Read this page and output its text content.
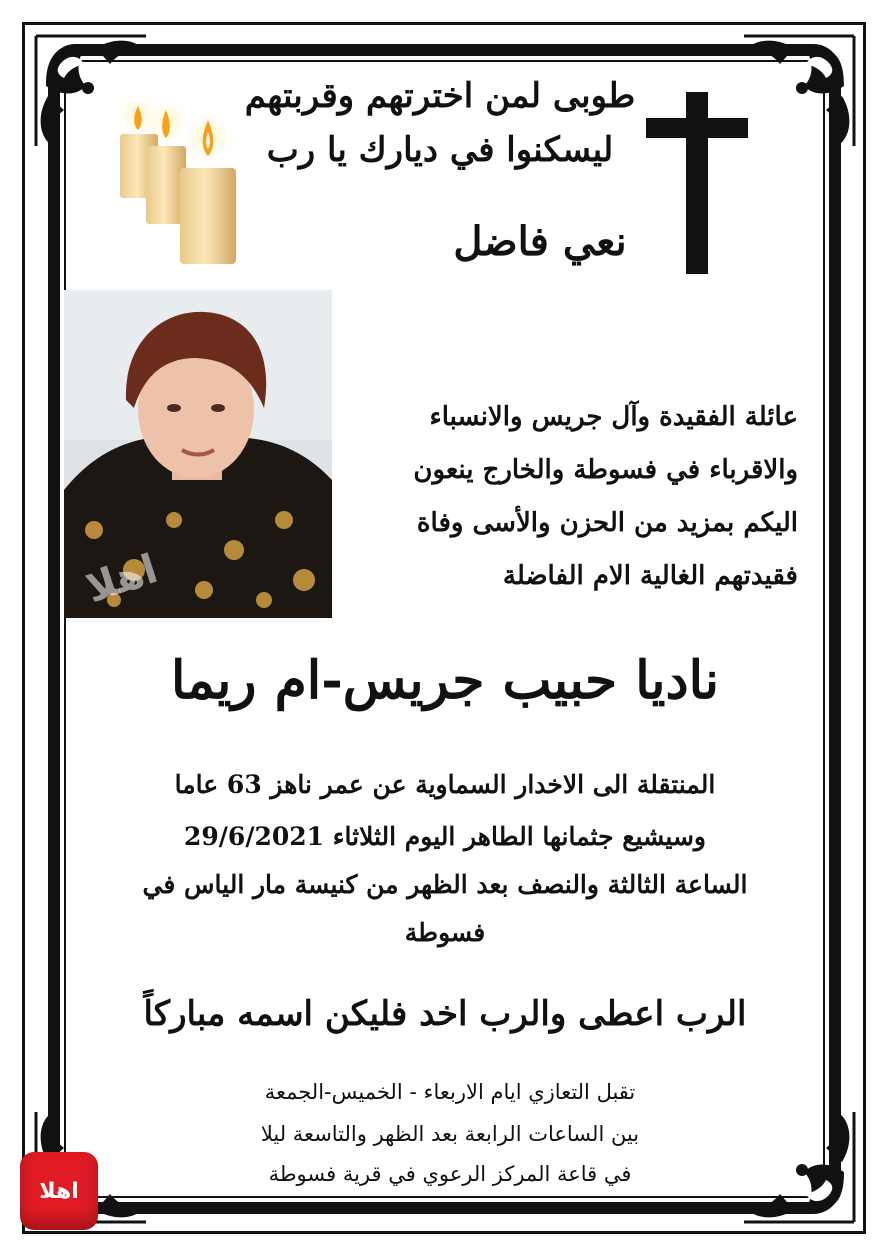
طوبى لمن اخترتهم وقربتهم
ليسكنوا في ديارك يا رب
نعي فاضل
اهلا
عائلة الفقيدة وآل جريس والانسباء
والاقرباء في فسوطة والخارج ينعون
اليكم بمزيد من الحزن والأسى وفاة
فقيدتهم الغالية الام الفاضلة
ناديا حبيب جريس-ام ريما
المنتقلة الى الاخدار السماوية عن عمر ناهز 63 عاما
وسيشيع جثمانها الطاهر اليوم الثلاثاء 29/6/2021
الساعة الثالثة والنصف بعد الظهر من كنيسة مار الياس في
فسوطة
الرب اعطى والرب اخد فليكن اسمه مباركاً
تقبل التعازي ايام الاربعاء - الخميس-الجمعة
بين الساعات الرابعة بعد الظهر والتاسعة ليلا
في قاعة المركز الرعوي في قرية فسوطة
اهلا
